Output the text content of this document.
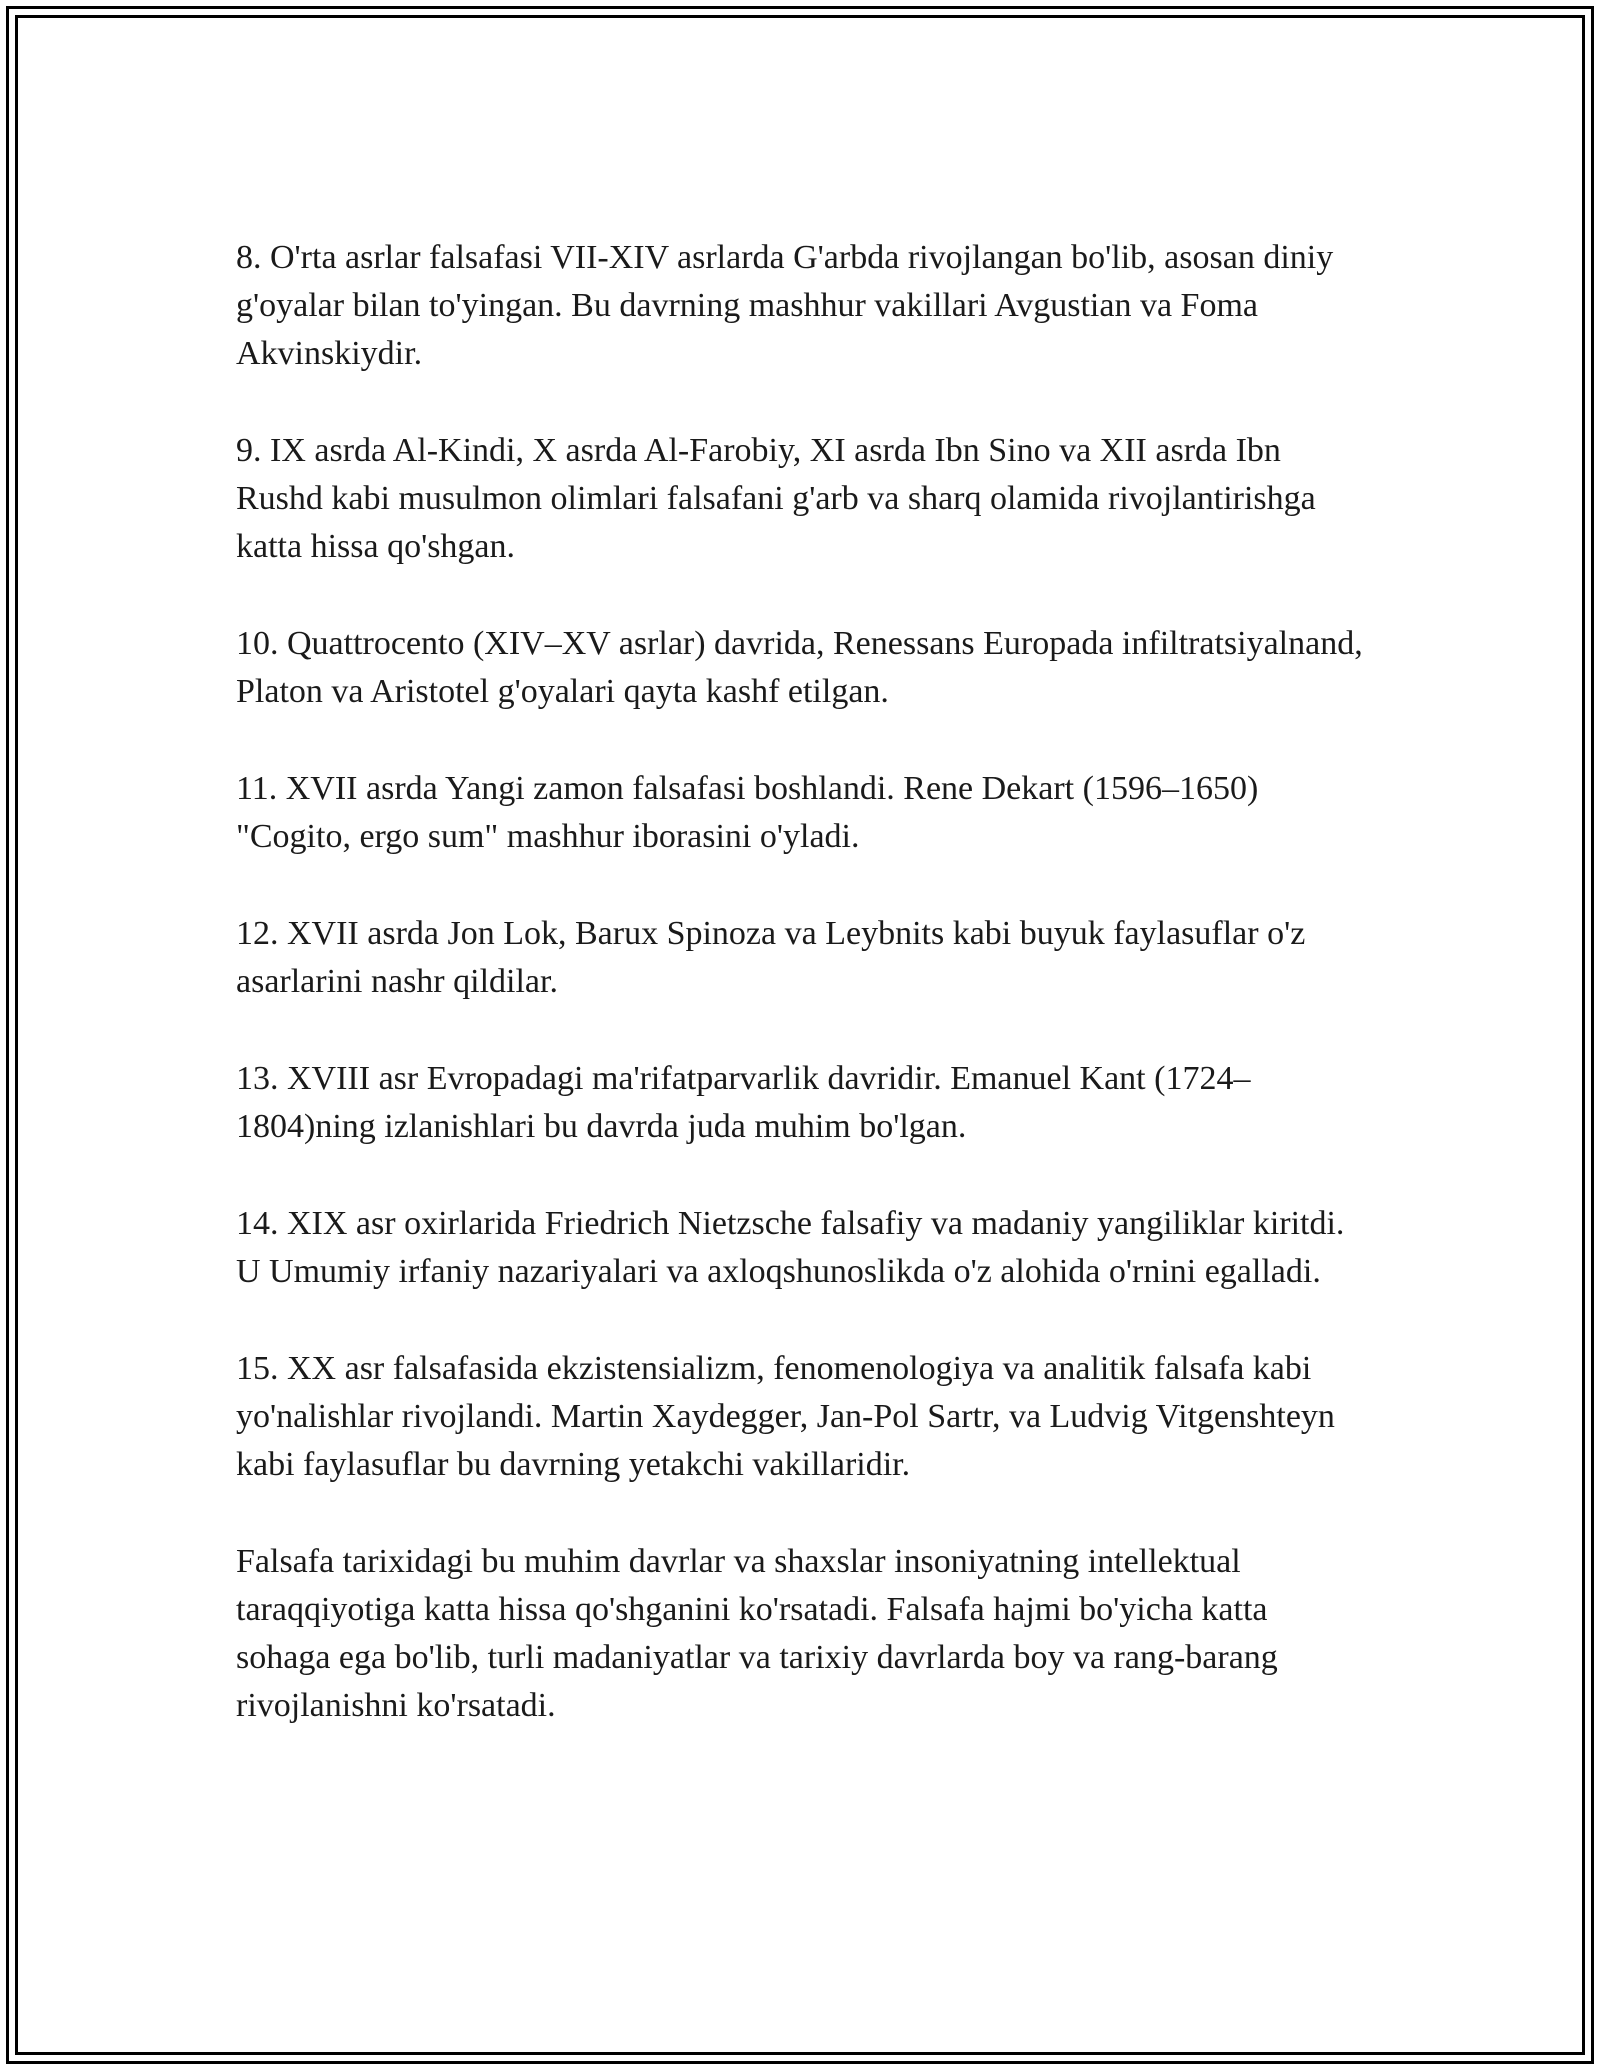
8. O'rta asrlar falsafasi VII-XIV asrlarda G'arbda rivojlangan bo'lib, asosan diniy g'oyalar bilan to'yingan. Bu davrning mashhur vakillari Avgustian va Foma Akvinskiydir.

9. IX asrda Al-Kindi, X asrda Al-Farobiy, XI asrda Ibn Sino va XII asrda Ibn Rushd kabi musulmon olimlari falsafani g'arb va sharq olamida rivojlantirishga katta hissa qo'shgan.

10. Quattrocento (XIV–XV asrlar) davrida, Renessans Europada infiltratsiyalnand, Platon va Aristotel g'oyalari qayta kashf etilgan.

11. XVII asrda Yangi zamon falsafasi boshlandi. Rene Dekart (1596–1650) "Cogito, ergo sum" mashhur iborasini o'yladi.

12. XVII asrda Jon Lok, Barux Spinoza va Leybnits kabi buyuk faylasuflar o'z asarlarini nashr qildilar.

13. XVIII asr Evropadagi ma'rifatparvarlik davridir. Emanuel Kant (1724–1804)ning izlanishlari bu davrda juda muhim bo'lgan.

14. XIX asr oxirlarida Friedrich Nietzsche falsafiy va madaniy yangiliklar kiritdi. U Umumiy irfaniy nazariyalari va axloqshunoslikda o'z alohida o'rnini egalladi.

15. XX asr falsafasida ekzistensializm, fenomenologiya va analitik falsafa kabi yo'nalishlar rivojlandi. Martin Xaydegger, Jan-Pol Sartr, va Ludvig Vitgenshteyn kabi faylasuflar bu davrning yetakchi vakillaridir.

Falsafa tarixidagi bu muhim davrlar va shaxslar insoniyatning intellektual taraqqiyotiga katta hissa qo'shganini ko'rsatadi. Falsafa hajmi bo'yicha katta sohaga ega bo'lib, turli madaniyatlar va tarixiy davrlarda boy va rang-barang rivojlanishni ko'rsatadi.
